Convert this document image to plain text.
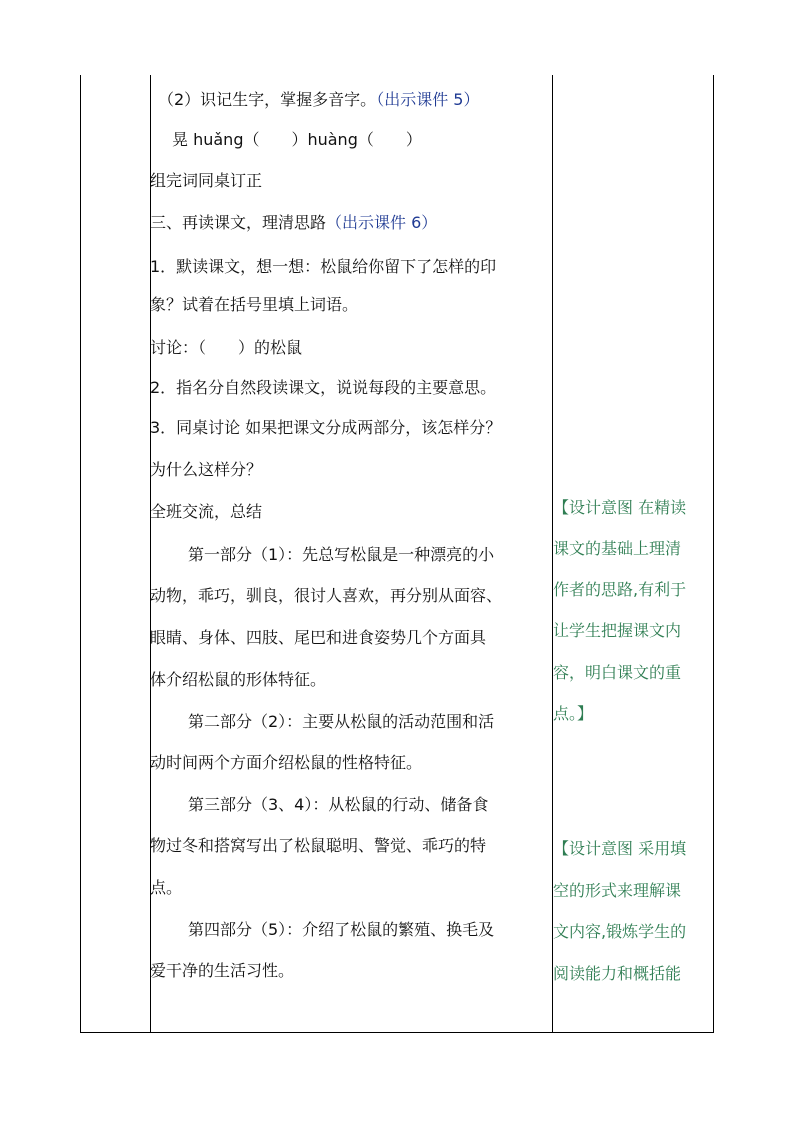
（2）识记生字，掌握多音字。（出示课件 5）
晃 huǎng（　　）huàng（　　）
组完词同桌订正
三、再读课文，理清思路（出示课件 6）
1．默读课文，想一想：松鼠给你留下了怎样的印
象？试着在括号里填上词语。
讨论：（　　）的松鼠
2．指名分自然段读课文，说说每段的主要意思。
3．同桌讨论 如果把课文分成两部分，该怎样分？
为什么这样分？
全班交流，总结
第一部分（1）：先总写松鼠是一种漂亮的小
动物，乖巧，驯良，很讨人喜欢，再分别从面容、
眼睛、身体、四肢、尾巴和进食姿势几个方面具
体介绍松鼠的形体特征。
第二部分（2）：主要从松鼠的活动范围和活
动时间两个方面介绍松鼠的性格特征。
第三部分（3、4）：从松鼠的行动、储备食
物过冬和搭窝写出了松鼠聪明、警觉、乖巧的特
点。
第四部分（5）：介绍了松鼠的繁殖、换毛及
爱干净的生活习性。
【设计意图 在精读
课文的基础上理清
作者的思路,有利于
让学生把握课文内
容，明白课文的重
点。】
【设计意图 采用填
空的形式来理解课
文内容,锻炼学生的
阅读能力和概括能
